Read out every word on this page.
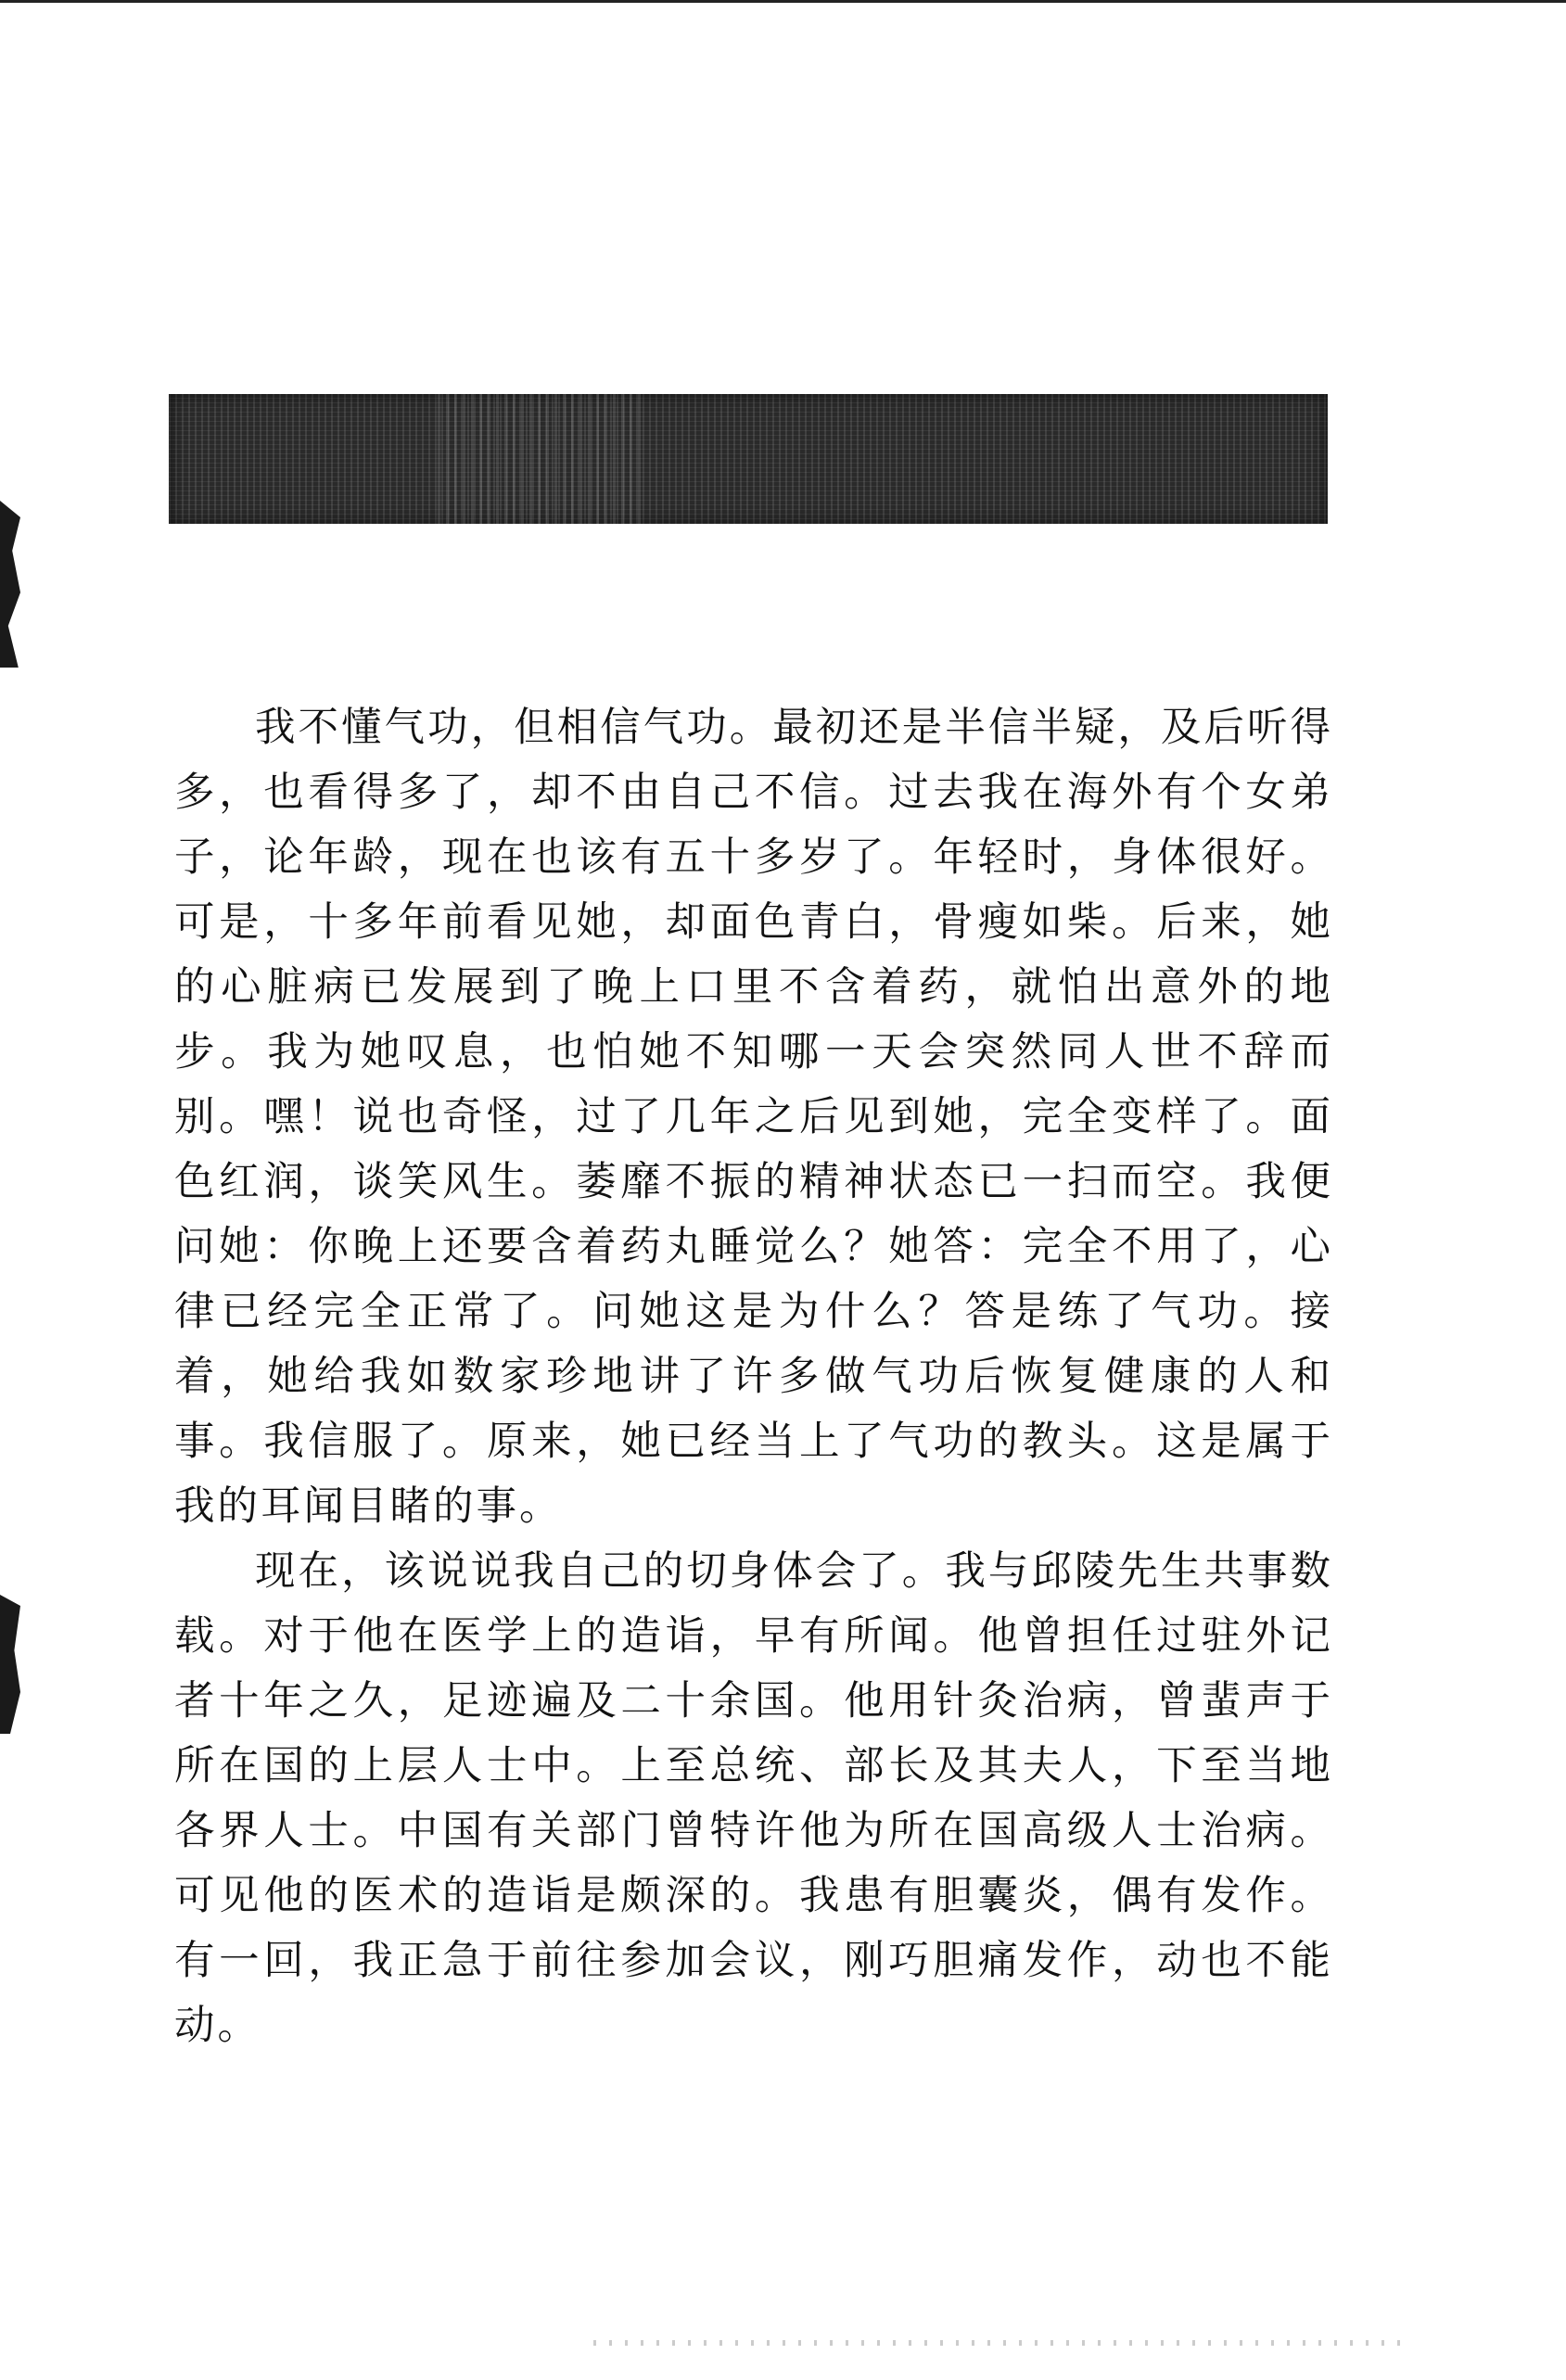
我不懂气功，但相信气功。最初还是半信半疑，及后听得多，也看得多了，却不由自己不信。过去我在海外有个女弟子，论年龄，现在也该有五十多岁了。年轻时，身体很好。可是，十多年前看见她，却面色青白，骨瘦如柴。后来，她的心脏病已发展到了晚上口里不含着药，就怕出意外的地步。我为她叹息，也怕她不知哪一天会突然同人世不辞而别。嘿！说也奇怪，过了几年之后见到她，完全变样了。面色红润，谈笑风生。萎靡不振的精神状态已一扫而空。我便问她：你晚上还要含着药丸睡觉么？她答：完全不用了，心律已经完全正常了。问她这是为什么？答是练了气功。接着，她给我如数家珍地讲了许多做气功后恢复健康的人和事。我信服了。原来，她已经当上了气功的教头。这是属于我的耳闻目睹的事。

现在，该说说我自己的切身体会了。我与邱陵先生共事数载。对于他在医学上的造诣，早有所闻。他曾担任过驻外记者十年之久，足迹遍及二十余国。他用针灸治病，曾蜚声于所在国的上层人士中。上至总统、部长及其夫人，下至当地各界人士。中国有关部门曾特许他为所在国高级人士治病。可见他的医术的造诣是颇深的。我患有胆囊炎，偶有发作。有一回，我正急于前往参加会议，刚巧胆痛发作，动也不能动。
